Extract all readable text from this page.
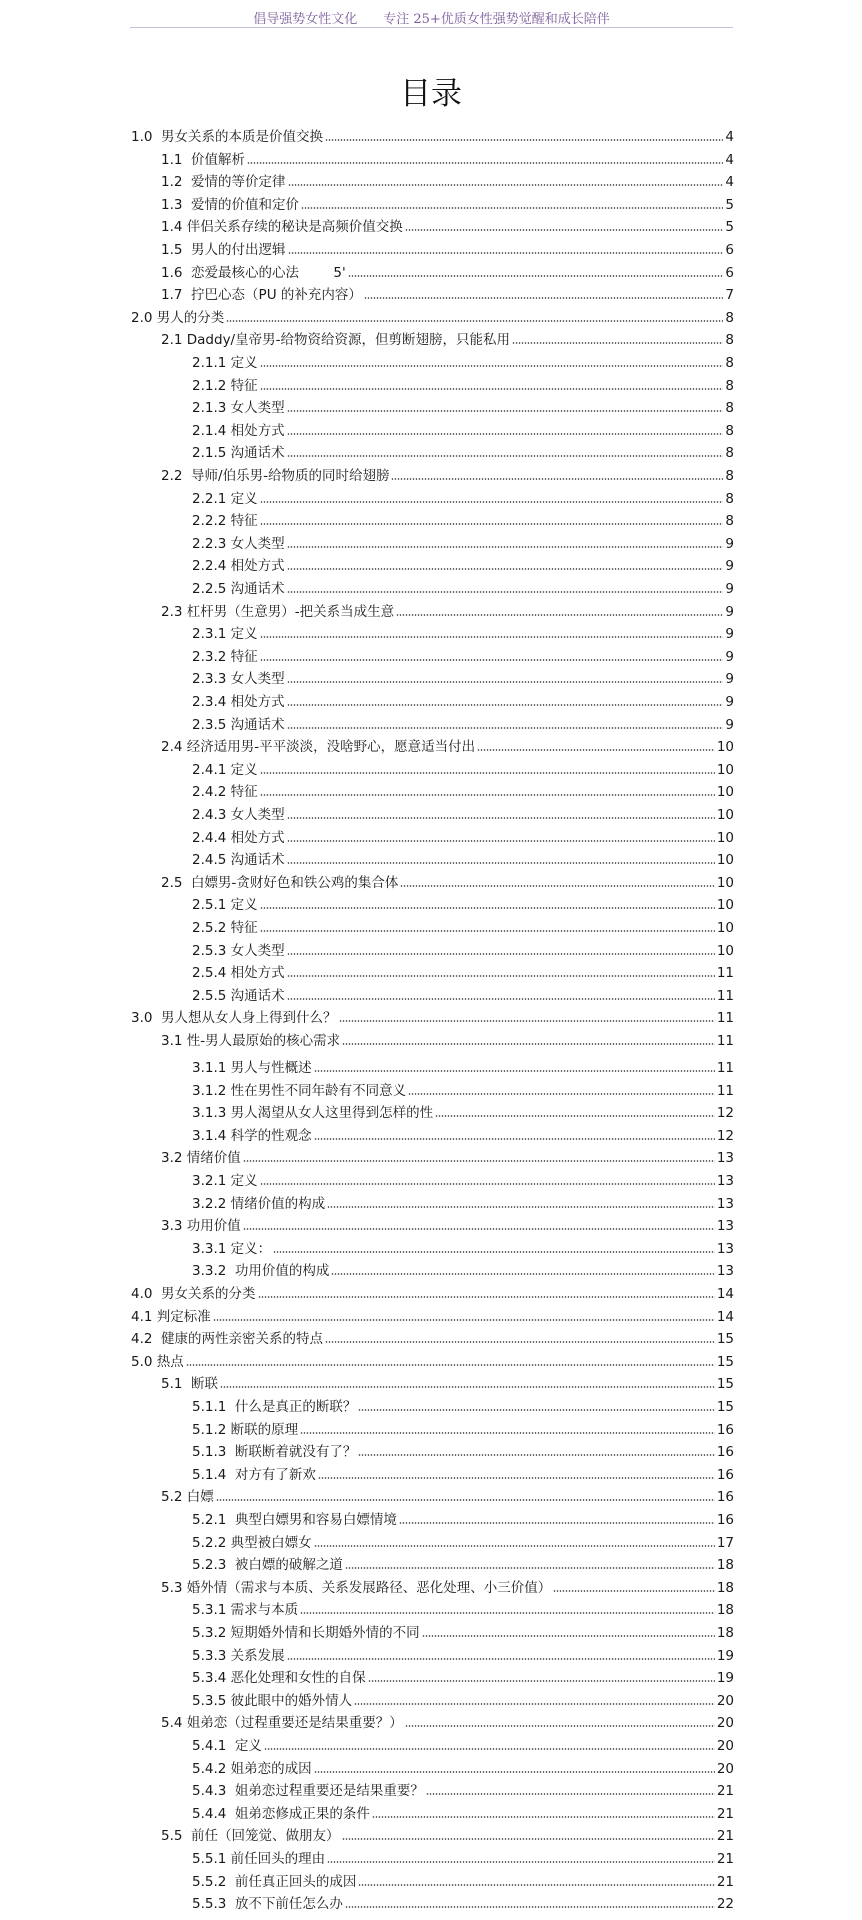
倡导强势女性文化 专注 25+优质女性强势觉醒和成长陪伴
目录
1.0  男女关系的本质是价值交换	4
1.1  价值解析	4
1.2  爱情的等价定律	4
1.3  爱情的价值和定价	5
1.4 伴侣关系存续的秘诀是高频价值交换	5
1.5  男人的付出逻辑	6
1.6  恋爱最核心的心法        5'	6
1.7  拧巴心态（PU 的补充内容）	7
2.0 男人的分类	8
2.1 Daddy/皇帝男-给物资给资源，但剪断翅膀，只能私用	8
2.1.1 定义	8
2.1.2 特征	8
2.1.3 女人类型	8
2.1.4 相处方式	8
2.1.5 沟通话术	8
2.2  导师/伯乐男-给物质的同时给翅膀	8
2.2.1 定义	8
2.2.2 特征	8
2.2.3 女人类型	9
2.2.4 相处方式	9
2.2.5 沟通话术	9
2.3 杠杆男（生意男）-把关系当成生意	9
2.3.1 定义	9
2.3.2 特征	9
2.3.3 女人类型	9
2.3.4 相处方式	9
2.3.5 沟通话术	9
2.4 经济适用男-平平淡淡，没啥野心，愿意适当付出	10
2.4.1 定义	10
2.4.2 特征	10
2.4.3 女人类型	10
2.4.4 相处方式	10
2.4.5 沟通话术	10
2.5  白嫖男-贪财好色和铁公鸡的集合体	10
2.5.1 定义	10
2.5.2 特征	10
2.5.3 女人类型	10
2.5.4 相处方式	11
2.5.5 沟通话术	11
3.0  男人想从女人身上得到什么？	11
3.1 性-男人最原始的核心需求	11
3.1.1 男人与性概述	11
3.1.2 性在男性不同年龄有不同意义	11
3.1.3 男人渴望从女人这里得到怎样的性	12
3.1.4 科学的性观念	12
3.2 情绪价值	13
3.2.1 定义	13
3.2.2 情绪价值的构成	13
3.3 功用价值	13
3.3.1 定义：	13
3.3.2  功用价值的构成	13
4.0  男女关系的分类	14
4.1 判定标准	14
4.2  健康的两性亲密关系的特点	15
5.0 热点	15
5.1  断联	15
5.1.1  什么是真正的断联？	15
5.1.2 断联的原理	16
5.1.3  断联断着就没有了？	16
5.1.4  对方有了新欢	16
5.2 白嫖	16
5.2.1  典型白嫖男和容易白嫖情境	16
5.2.2 典型被白嫖女	17
5.2.3  被白嫖的破解之道	18
5.3 婚外情（需求与本质、关系发展路径、恶化处理、小三价值）	18
5.3.1 需求与本质	18
5.3.2 短期婚外情和长期婚外情的不同	18
5.3.3 关系发展	19
5.3.4 恶化处理和女性的自保	19
5.3.5 彼此眼中的婚外情人	20
5.4 姐弟恋（过程重要还是结果重要？）	20
5.4.1  定义	20
5.4.2 姐弟恋的成因	20
5.4.3  姐弟恋过程重要还是结果重要？	21
5.4.4  姐弟恋修成正果的条件	21
5.5  前任（回笼觉、做朋友）	21
5.5.1 前任回头的理由	21
5.5.2  前任真正回头的成因	21
5.5.3  放不下前任怎么办	22
